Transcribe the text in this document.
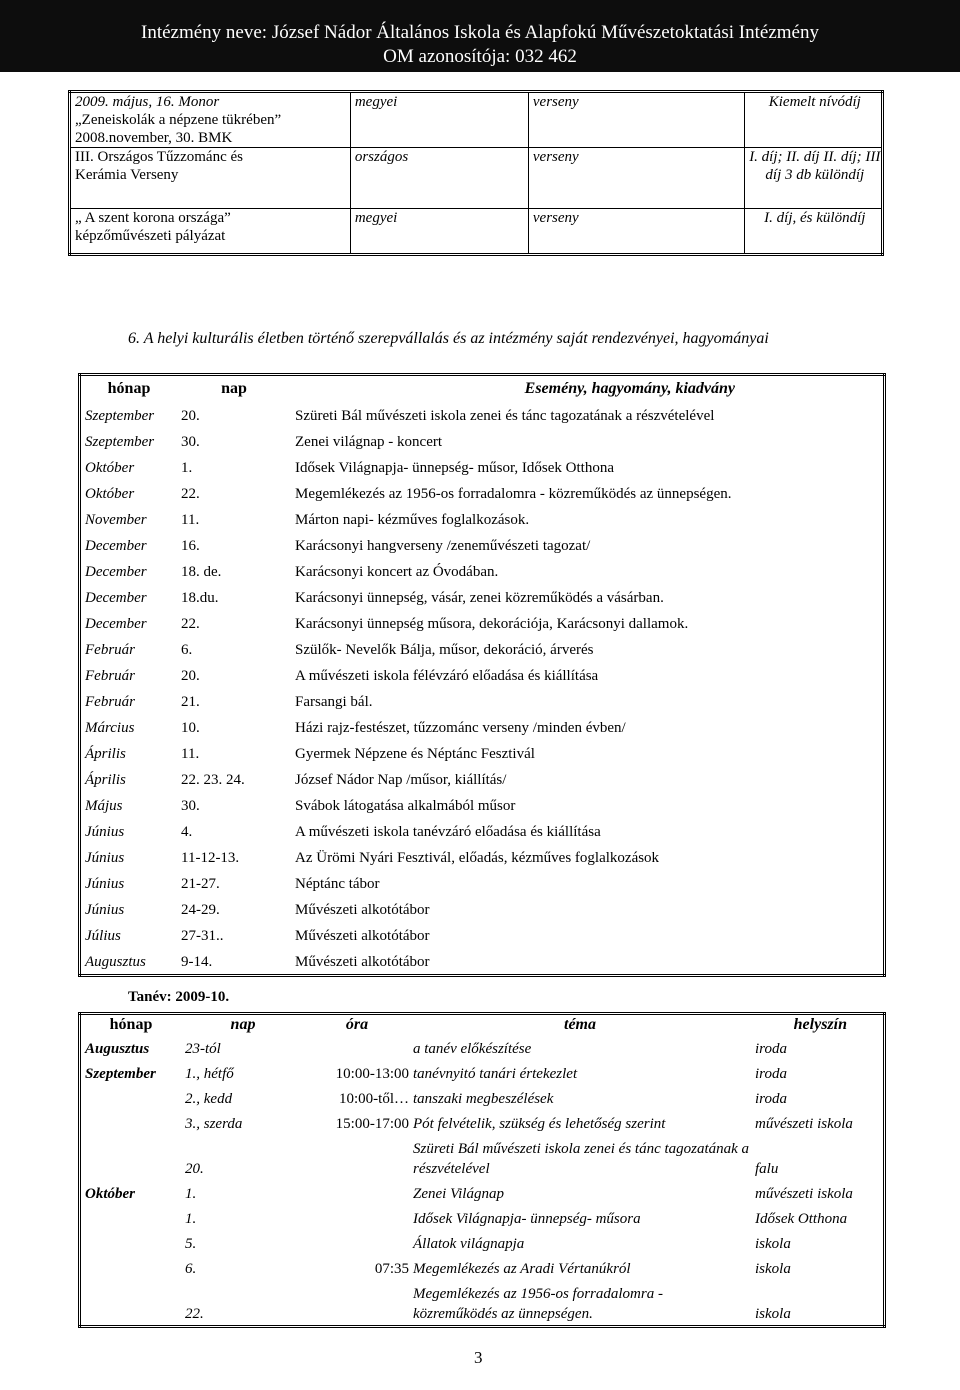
Intézmény neve: József Nádor Általános Iskola és Alapfokú Művészetoktatási Intézmény
OM azonosítója: 032 462
2009. május, 16. Monor
„Zeneiskolák a népzene tükrében”
2008.november, 30. BMK	megyei	verseny	Kiemelt nívódíj

III. Országos Tűzzománc és
Kerámia Verseny	országos	verseny	I. díj; II. díj II. díj; III díj 3 db különdíj

„ A szent korona országa”
képzőművészeti pályázat	megyei	verseny	I. díj, és különdíj
6. A helyi kulturális életben történő szerepvállalás és az intézmény saját rendezvényei, hagyományai
hónap	nap	Esemény, hagyomány, kiadvány
Szeptember	20.	Szüreti Bál művészeti iskola zenei és tánc tagozatának a részvételével
Szeptember	30.	Zenei világnap - koncert
Október	1.	Idősek Világnapja- ünnepség- műsor, Idősek Otthona
Október	22.	Megemlékezés az 1956-os forradalomra - közreműködés az ünnepségen.
November	11.	Márton napi- kézműves foglalkozások.
December	16.	Karácsonyi hangverseny /zeneművészeti tagozat/
December	18. de.	Karácsonyi koncert az Óvodában.
December	18.du.	Karácsonyi ünnepség, vásár, zenei közreműködés a vásárban.
December	22.	Karácsonyi ünnepség műsora, dekorációja, Karácsonyi dallamok.
Február	6.	Szülők- Nevelők Bálja, műsor, dekoráció, árverés
Február	20.	A művészeti iskola félévzáró előadása és kiállítása
Február	21.	Farsangi bál.
Március	10.	Házi rajz-festészet, tűzzománc verseny /minden évben/
Április	11.	Gyermek Népzene és Néptánc Fesztivál
Április	22. 23. 24.	József Nádor Nap /műsor, kiállítás/
Május	30.	Svábok látogatása alkalmából műsor
Június	4.	A művészeti iskola tanévzáró előadása és kiállítása
Június	11-12-13.	Az Ürömi Nyári Fesztivál, előadás, kézműves foglalkozások
Június	21-27.	Néptánc tábor
Június	24-29.	Művészeti alkotótábor
Július	27-31..	Művészeti alkotótábor
Augusztus	9-14.	Művészeti alkotótábor
Tanév: 2009-10.
hónap	nap	óra	téma	helyszín
Augusztus	23-tól		a tanév előkészítése	iroda
Szeptember	1., hétfő	10:00-13:00	tanévnyitó tanári értekezlet	iroda
	2., kedd	10:00-től…	tanszaki megbeszélések	iroda
	3., szerda	15:00-17:00	Pót felvételik, szükség és lehetőség szerint	művészeti iskola
	20.		Szüreti Bál művészeti iskola zenei és tánc tagozatának a részvételével	falu
Október	1.		Zenei Világnap	művészeti iskola
	1.		Idősek Világnapja- ünnepség- műsora	Idősek Otthona
	5.		Állatok világnapja	iskola
	6.	07:35	Megemlékezés az Aradi Vértanúkról	iskola
	22.		Megemlékezés az 1956-os forradalomra - közreműködés az ünnepségen.	iskola
3
